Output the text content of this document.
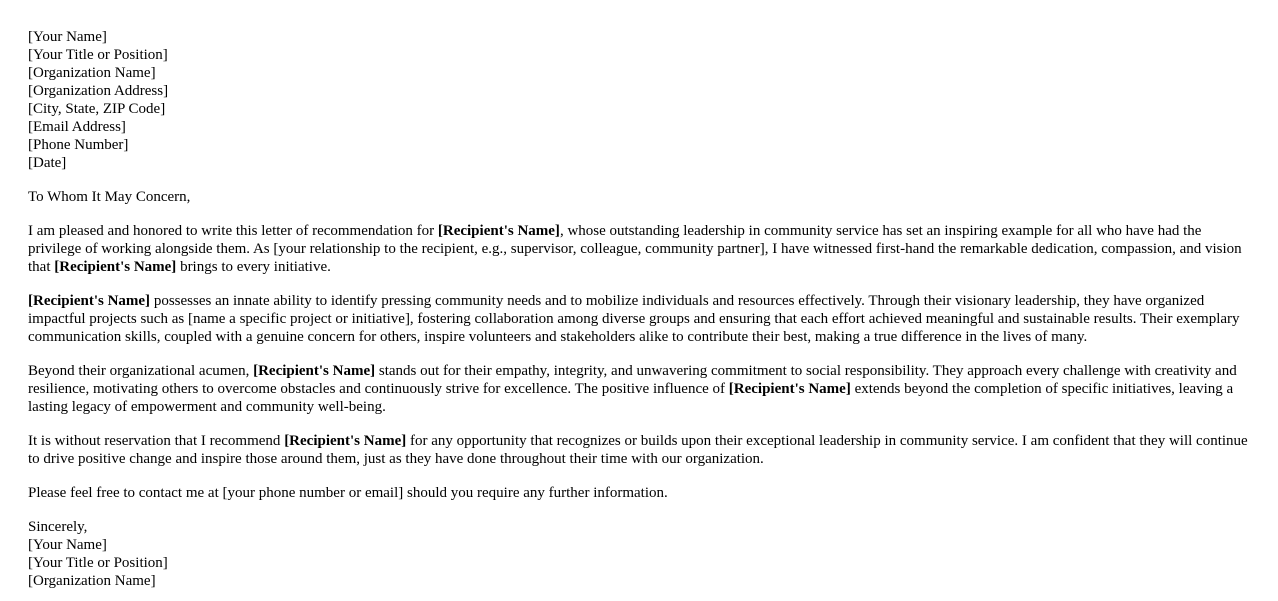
[Your Name]
[Your Title or Position]
[Organization Name]
[Organization Address]
[City, State, ZIP Code]
[Email Address]
[Phone Number]
[Date]

To Whom It May Concern,

I am pleased and honored to write this letter of recommendation for [Recipient's Name], whose outstanding leadership in community service has set an inspiring example for all who have had the privilege of working alongside them. As [your relationship to the recipient, e.g., supervisor, colleague, community partner], I have witnessed first-hand the remarkable dedication, compassion, and vision that [Recipient's Name] brings to every initiative.

[Recipient's Name] possesses an innate ability to identify pressing community needs and to mobilize individuals and resources effectively. Through their visionary leadership, they have organized impactful projects such as [name a specific project or initiative], fostering collaboration among diverse groups and ensuring that each effort achieved meaningful and sustainable results. Their exemplary communication skills, coupled with a genuine concern for others, inspire volunteers and stakeholders alike to contribute their best, making a true difference in the lives of many.

Beyond their organizational acumen, [Recipient's Name] stands out for their empathy, integrity, and unwavering commitment to social responsibility. They approach every challenge with creativity and resilience, motivating others to overcome obstacles and continuously strive for excellence. The positive influence of [Recipient's Name] extends beyond the completion of specific initiatives, leaving a lasting legacy of empowerment and community well-being.

It is without reservation that I recommend [Recipient's Name] for any opportunity that recognizes or builds upon their exceptional leadership in community service. I am confident that they will continue to drive positive change and inspire those around them, just as they have done throughout their time with our organization.

Please feel free to contact me at [your phone number or email] should you require any further information.

Sincerely,
[Your Name]
[Your Title or Position]
[Organization Name]
